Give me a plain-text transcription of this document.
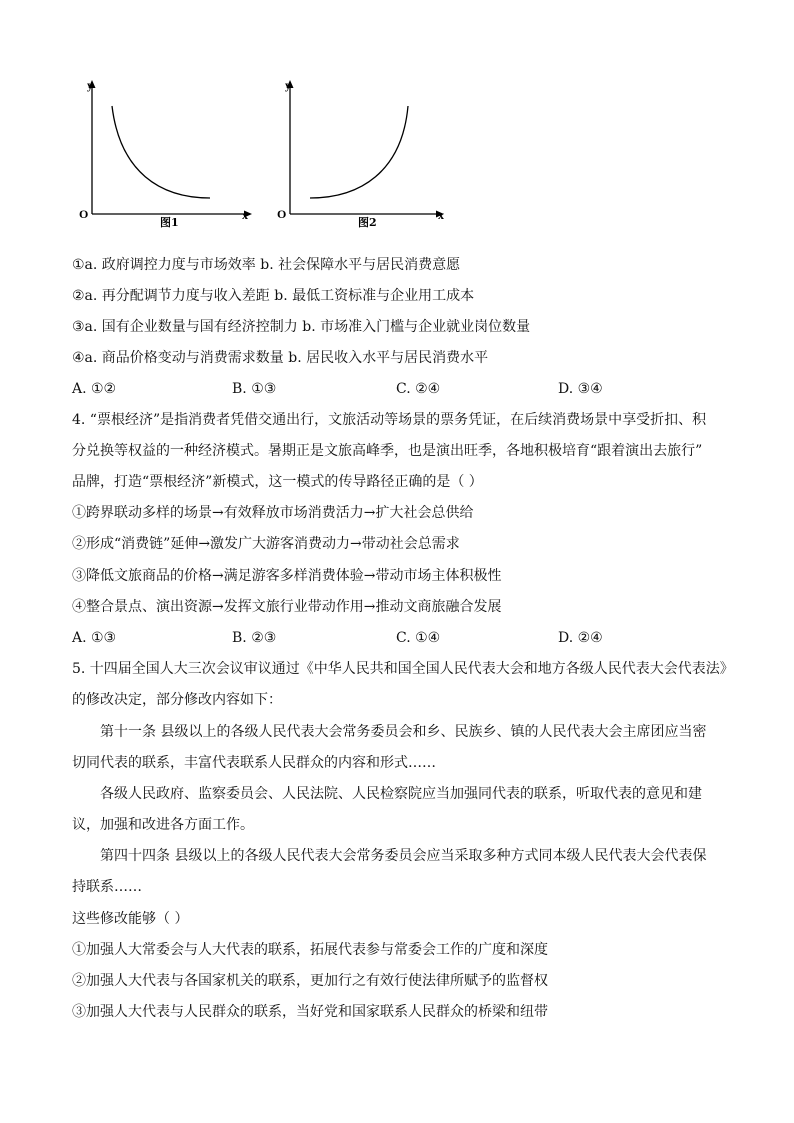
y
x
O
图1
y
x
O
图2
①a. 政府调控力度与市场效率 b. 社会保障水平与居民消费意愿
②a. 再分配调节力度与收入差距 b. 最低工资标准与企业用工成本
③a. 国有企业数量与国有经济控制力 b. 市场准入门槛与企业就业岗位数量
④a. 商品价格变动与消费需求数量 b. 居民收入水平与居民消费水平
A. ①②	B. ①③	C. ②④	D. ③④
4. “票根经济”是指消费者凭借交通出行，文旅活动等场景的票务凭证，在后续消费场景中享受折扣、积
分兑换等权益的一种经济模式。暑期正是文旅高峰季，也是演出旺季，各地积极培育“跟着演出去旅行”
品牌，打造“票根经济”新模式，这一模式的传导路径正确的是（ ）
①跨界联动多样的场景→有效释放市场消费活力→扩大社会总供给
②形成“消费链”延伸→激发广大游客消费动力→带动社会总需求
③降低文旅商品的价格→满足游客多样消费体验→带动市场主体积极性
④整合景点、演出资源→发挥文旅行业带动作用→推动文商旅融合发展
A. ①③	B. ②③	C. ①④	D. ②④
5. 十四届全国人大三次会议审议通过《中华人民共和国全国人民代表大会和地方各级人民代表大会代表法》
的修改决定，部分修改内容如下：
第十一条 县级以上的各级人民代表大会常务委员会和乡、民族乡、镇的人民代表大会主席团应当密
切同代表的联系，丰富代表联系人民群众的内容和形式……
各级人民政府、监察委员会、人民法院、人民检察院应当加强同代表的联系，听取代表的意见和建
议，加强和改进各方面工作。
第四十四条 县级以上的各级人民代表大会常务委员会应当采取多种方式同本级人民代表大会代表保
持联系……
这些修改能够（ ）
①加强人大常委会与人大代表的联系，拓展代表参与常委会工作的广度和深度
②加强人大代表与各国家机关的联系，更加行之有效行使法律所赋予的监督权
③加强人大代表与人民群众的联系，当好党和国家联系人民群众的桥梁和纽带
